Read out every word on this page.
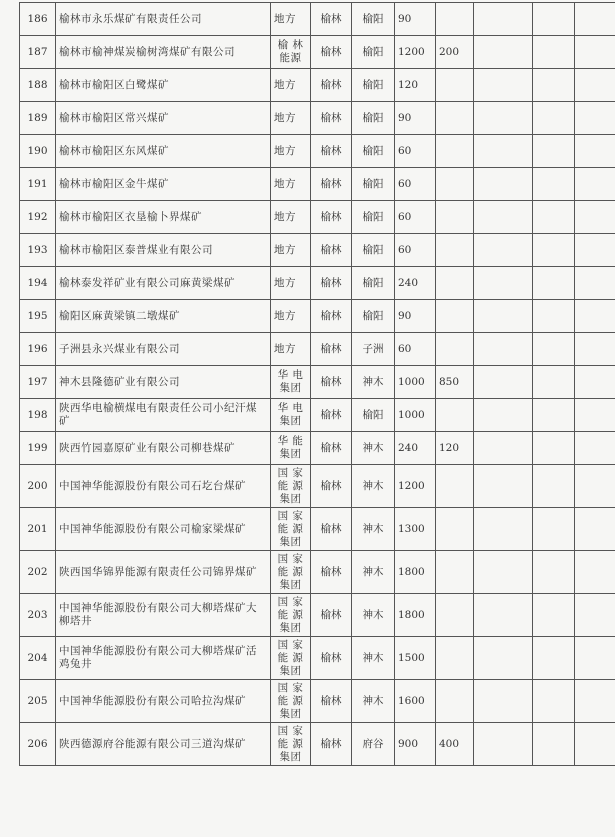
186	榆林市永乐煤矿有限责任公司	地方	榆林	榆阳	90				
187	榆林市榆神煤炭榆树湾煤矿有限公司	榆 林 能源	榆林	榆阳	1200	200			
188	榆林市榆阳区白鹭煤矿	地方	榆林	榆阳	120				
189	榆林市榆阳区常兴煤矿	地方	榆林	榆阳	90				
190	榆林市榆阳区东风煤矿	地方	榆林	榆阳	60				
191	榆林市榆阳区金牛煤矿	地方	榆林	榆阳	60				
192	榆林市榆阳区衣垦榆卜界煤矿	地方	榆林	榆阳	60				
193	榆林市榆阳区泰普煤业有限公司	地方	榆林	榆阳	60				
194	榆林泰发祥矿业有限公司麻黄梁煤矿	地方	榆林	榆阳	240				
195	榆阳区麻黄梁镇二墩煤矿	地方	榆林	榆阳	90				
196	子洲县永兴煤业有限公司	地方	榆林	子洲	60				
197	神木县隆德矿业有限公司	华 电 集团	榆林	神木	1000	850			
198	陕西华电榆横煤电有限责任公司小纪汗煤矿	华 电 集团	榆林	榆阳	1000				
199	陕西竹园嘉原矿业有限公司柳巷煤矿	华 能 集团	榆林	神木	240	120			
200	中国神华能源股份有限公司石圪台煤矿	国 家 能 源 集团	榆林	神木	1200				
201	中国神华能源股份有限公司榆家梁煤矿	国 家 能 源 集团	榆林	神木	1300				
202	陕西国华锦界能源有限责任公司锦界煤矿	国 家 能 源 集团	榆林	神木	1800				
203	中国神华能源股份有限公司大柳塔煤矿大柳塔井	国 家 能 源 集团	榆林	神木	1800				
204	中国神华能源股份有限公司大柳塔煤矿活鸡兔井	国 家 能 源 集团	榆林	神木	1500				
205	中国神华能源股份有限公司哈拉沟煤矿	国 家 能 源 集团	榆林	神木	1600				
206	陕西德源府谷能源有限公司三道沟煤矿	国 家 能 源 集团	榆林	府谷	900	400			
